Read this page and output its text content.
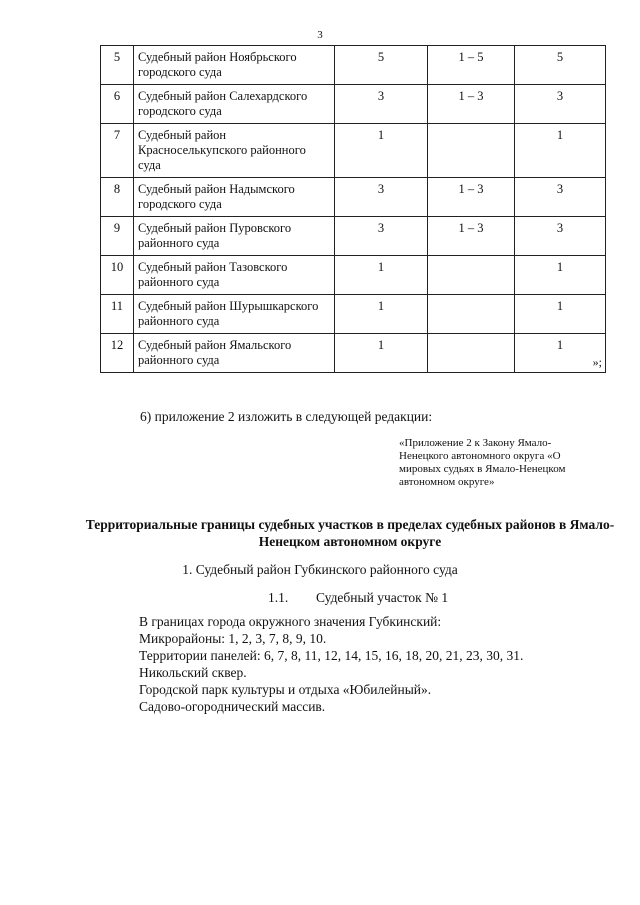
3
5	Судебный район Ноябрьского городского суда	5	1 – 5	5
6	Судебный район Салехардского городского суда	3	1 – 3	3
7	Судебный район Красноселькупского районного суда	1		1
8	Судебный район Надымского городского суда	3	1 – 3	3
9	Судебный район Пуровского районного суда	3	1 – 3	3
10	Судебный район Тазовского районного суда	1		1
11	Судебный район Шурышкарского районного суда	1		1
12	Судебный район Ямальского районного суда	1		1
»;
6) приложение 2 изложить в следующей редакции:
«Приложение 2 к Закону Ямало-Ненецкого автономного округа «О мировых судьях в Ямало-Ненецком автономном округе»
Территориальные границы судебных участков в пределах судебных районов в Ямало-Ненецком автономном округе
1. Судебный район Губкинского районного суда
1.1. Судебный участок № 1
В границах города окружного значения Губкинский:
Микрорайоны: 1, 2, 3, 7, 8, 9, 10.
Территории панелей: 6, 7, 8, 11, 12, 14, 15, 16, 18, 20, 21, 23, 30, 31.
Никольский сквер.
Городской парк культуры и отдыха «Юбилейный».
Садово-огороднический массив.
